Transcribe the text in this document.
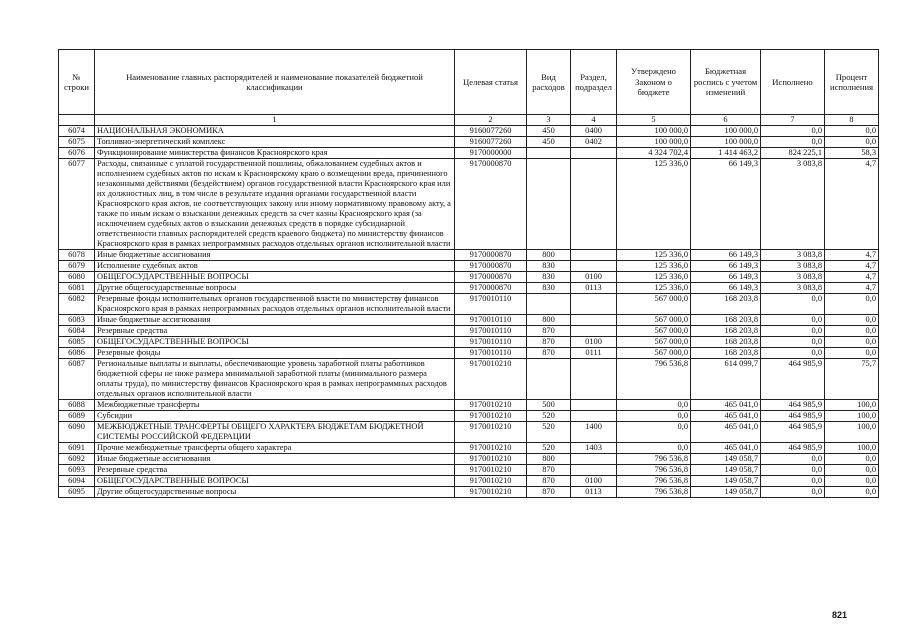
№ строки	Наименование главных распорядителей и наименование показателей бюджетной классификации	Целевая статья	Вид расходов	Раздел, подраздел	Утверждено Законом о бюджете	Бюджетная роспись с учетом изменений	Исполнено	Процент исполнения
	1	2	3	4	5	6	7	8
6074	НАЦИОНАЛЬНАЯ ЭКОНОМИКА	9160077260	450	0400	100 000,0	100 000,0	0,0	0,0
6075	Топливно-энергетический комплекс	9160077260	450	0402	100 000,0	100 000,0	0,0	0,0
6076	Функционирование министерства финансов Красноярского края	9170000000			4 324 702,4	1 414 463,2	824 225,1	58,3
6077	Расходы, связанные с уплатой государственной пошлины, обжалованием судебных актов и исполнением судебных актов по искам к Красноярскому краю о возмещении вреда, причиненного незаконными действиями (бездействием) органов государственной власти Красноярского края или их должностных лиц, в том числе в результате издания органами государственной власти Красноярского края актов, не соответствующих закону или иному нормативному правовому акту, а также по иным искам о взыскании денежных средств за счет казны Красноярского края (за исключением судебных актов о взыскании денежных средств в порядке субсидиарной ответственности главных распорядителей средств краевого бюджета) по министерству финансов Красноярского края в рамках непрограммных расходов отдельных органов исполнительной власти	9170000870			125 336,0	66 149,3	3 083,8	4,7
6078	Иные бюджетные ассигнования	9170000870	800		125 336,0	66 149,3	3 083,8	4,7
6079	Исполнение судебных актов	9170000870	830		125 336,0	66 149,3	3 083,8	4,7
6080	ОБЩЕГОСУДАРСТВЕННЫЕ ВОПРОСЫ	9170000870	830	0100	125 336,0	66 149,3	3 083,8	4,7
6081	Другие общегосударственные вопросы	9170000870	830	0113	125 336,0	66 149,3	3 083,8	4,7
6082	Резервные фонды исполнительных органов государственной власти по министерству финансов Красноярского края в рамках непрограммных расходов отдельных органов исполнительной власти	9170010110			567 000,0	168 203,8	0,0	0,0
6083	Иные бюджетные ассигнования	9170010110	800		567 000,0	168 203,8	0,0	0,0
6084	Резервные средства	9170010110	870		567 000,0	168 203,8	0,0	0,0
6085	ОБЩЕГОСУДАРСТВЕННЫЕ ВОПРОСЫ	9170010110	870	0100	567 000,0	168 203,8	0,0	0,0
6086	Резервные фонды	9170010110	870	0111	567 000,0	168 203,8	0,0	0,0
6087	Региональные выплаты и выплаты, обеспечивающие уровень заработной платы работников бюджетной сферы не ниже размера минимальной заработной платы (минимального размера оплаты труда), по министерству финансов Красноярского края в рамках непрограммных расходов отдельных органов исполнительной власти	9170010210			796 536,8	614 099,7	464 985,9	75,7
6088	Межбюджетные трансферты	9170010210	500		0,0	465 041,0	464 985,9	100,0
6089	Субсидии	9170010210	520		0,0	465 041,0	464 985,9	100,0
6090	МЕЖБЮДЖЕТНЫЕ ТРАНСФЕРТЫ ОБЩЕГО ХАРАКТЕРА БЮДЖЕТАМ БЮДЖЕТНОЙ СИСТЕМЫ РОССИЙСКОЙ ФЕДЕРАЦИИ	9170010210	520	1400	0,0	465 041,0	464 985,9	100,0
6091	Прочие межбюджетные трансферты общего характера	9170010210	520	1403	0,0	465 041,0	464 985,9	100,0
6092	Иные бюджетные ассигнования	9170010210	800		796 536,8	149 058,7	0,0	0,0
6093	Резервные средства	9170010210	870		796 536,8	149 058,7	0,0	0,0
6094	ОБЩЕГОСУДАРСТВЕННЫЕ ВОПРОСЫ	9170010210	870	0100	796 536,8	149 058,7	0,0	0,0
6095	Другие общегосударственные вопросы	9170010210	870	0113	796 536,8	149 058,7	0,0	0,0
821
